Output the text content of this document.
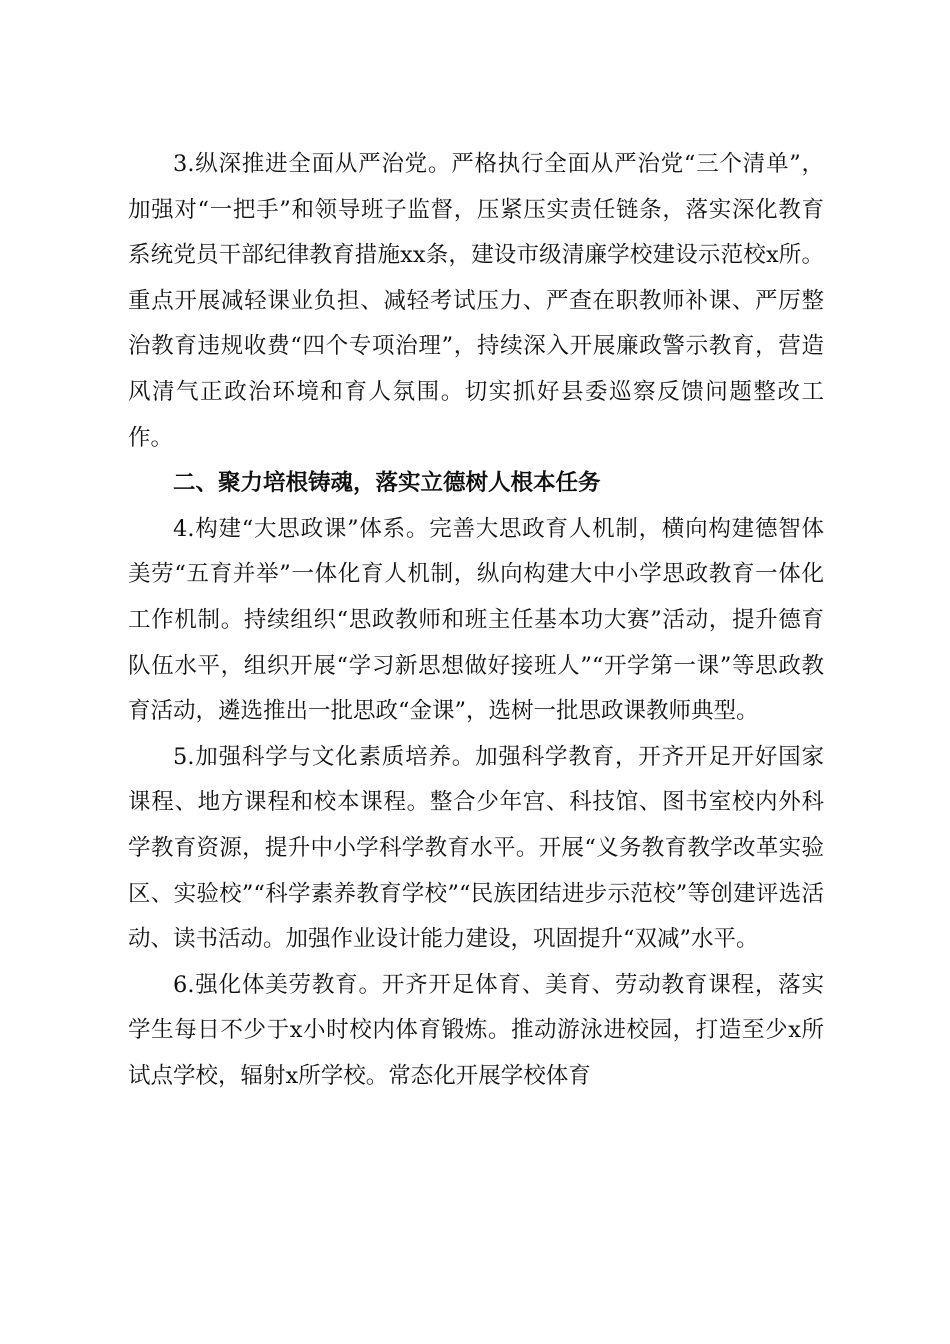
3.纵深推进全面从严治党。严格执行全面从严治党“三个清单”，加强对“一把手”和领导班子监督，压紧压实责任链条，落实深化教育系统党员干部纪律教育措施xx条，建设市级清廉学校建设示范校x所。重点开展减轻课业负担、减轻考试压力、严查在职教师补课、严厉整治教育违规收费“四个专项治理”，持续深入开展廉政警示教育，营造风清气正政治环境和育人氛围。切实抓好县委巡察反馈问题整改工作。

二、聚力培根铸魂，落实立德树人根本任务

4.构建“大思政课”体系。完善大思政育人机制，横向构建德智体美劳“五育并举”一体化育人机制，纵向构建大中小学思政教育一体化工作机制。持续组织“思政教师和班主任基本功大赛”活动，提升德育队伍水平，组织开展“学习新思想做好接班人”“开学第一课”等思政教育活动，遴选推出一批思政“金课”，选树一批思政课教师典型。

5.加强科学与文化素质培养。加强科学教育，开齐开足开好国家课程、地方课程和校本课程。整合少年宫、科技馆、图书室校内外科学教育资源，提升中小学科学教育水平。开展“义务教育教学改革实验区、实验校”“科学素养教育学校”“民族团结进步示范校”等创建评选活动、读书活动。加强作业设计能力建设，巩固提升“双减”水平。

6.强化体美劳教育。开齐开足体育、美育、劳动教育课程，落实学生每日不少于x小时校内体育锻炼。推动游泳进校园，打造至少x所试点学校，辐射x所学校。常态化开展学校体育
